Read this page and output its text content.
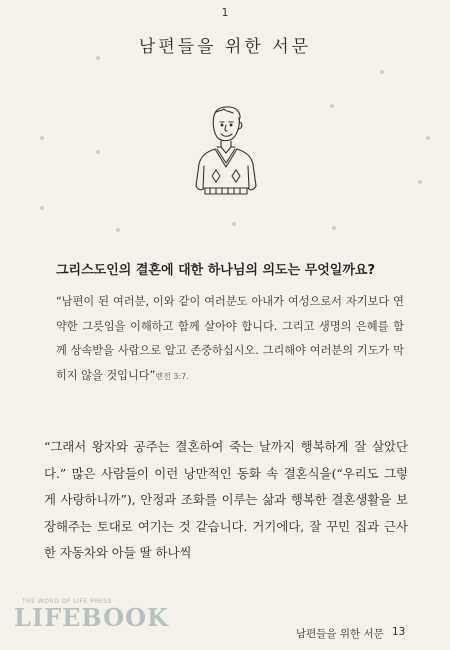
1
남편들을 위한 서문
그리스도인의 결혼에 대한 하나님의 의도는 무엇일까요?
“남편이 된 여러분, 이와 같이 여러분도 아내가 여성으로서 자기보다 연약한 그릇임을 이해하고 함께 살아야 합니다. 그리고 생명의 은혜를 함께 상속받을 사람으로 알고 존중하십시오. 그리해야 여러분의 기도가 막히지 않을 것입니다”벧전 3:7.

“그래서 왕자와 공주는 결혼하여 죽는 날까지 행복하게 잘 살았단다.” 많은 사람들이 이런 낭만적인 동화 속 결혼식을(“우리도 그렇게 사랑하니까”), 안정과 조화를 이루는 삶과 행복한 결혼생활을 보장해주는 토대로 여기는 것 같습니다. 거기에다, 잘 꾸민 집과 근사한 자동차와 아들 딸 하나씩

THE WORD OF LIFE PRESS
LIFEBOOK
남편들을 위한 서문 13
